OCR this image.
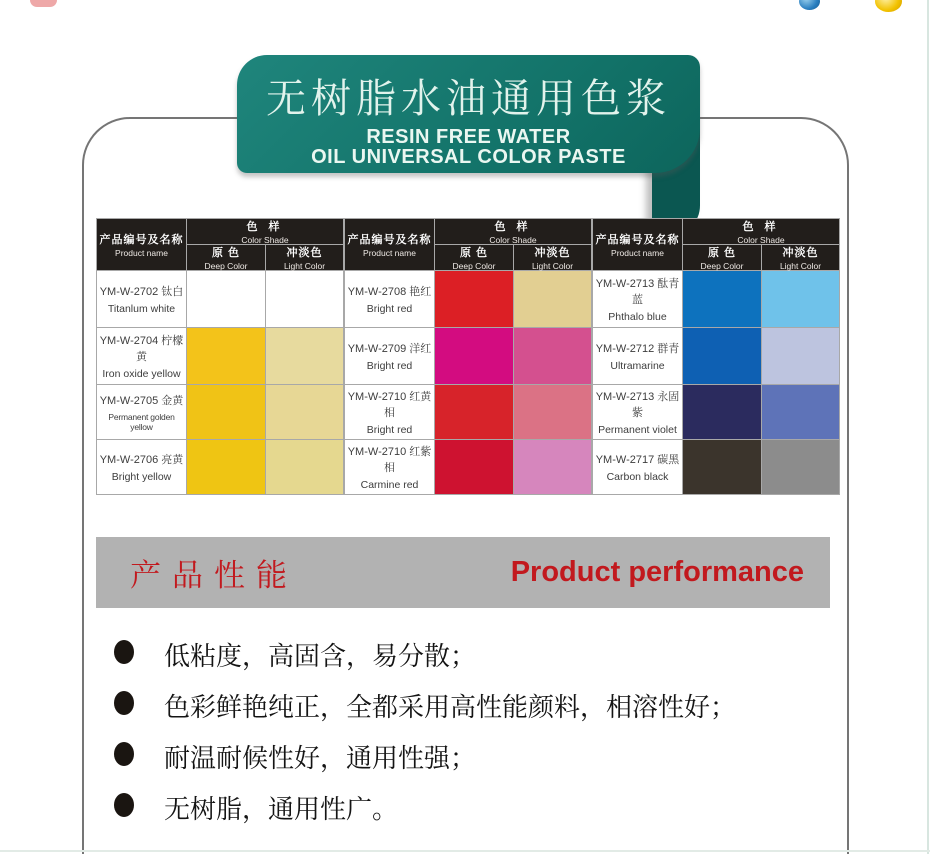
无树脂水油通用色浆
RESIN FREE WATER
OIL UNIVERSAL COLOR PASTE
产品编号及名称
Product name
色 样
Color Shade
原 色
Deep Color
冲淡色
Light Color
YM-W-2702 钛白
Titanlum white
YM-W-2704 柠檬黄
Iron oxide yellow
YM-W-2705 金黄
Permanent golden yellow
YM-W-2706 亮黄
Bright yellow
产品编号及名称
Product name
色 样
Color Shade
原 色
Deep Color
冲淡色
Light Color
YM-W-2708 艳红
Bright red
YM-W-2709 洋红
Bright red
YM-W-2710 红黄相
Bright red
YM-W-2710 红紫相
Carmine red
产品编号及名称
Product name
色 样
Color Shade
原 色
Deep Color
冲淡色
Light Color
YM-W-2713 酞青蓝
Phthalo blue
YM-W-2712 群青
Ultramarine
YM-W-2713 永固紫
Permanent violet
YM-W-2717 碳黑
Carbon black
产品性能	Product performance
低粘度，高固含，易分散；
色彩鲜艳纯正，全都采用高性能颜料，相溶性好；
耐温耐候性好，通用性强；
无树脂，通用性广。
